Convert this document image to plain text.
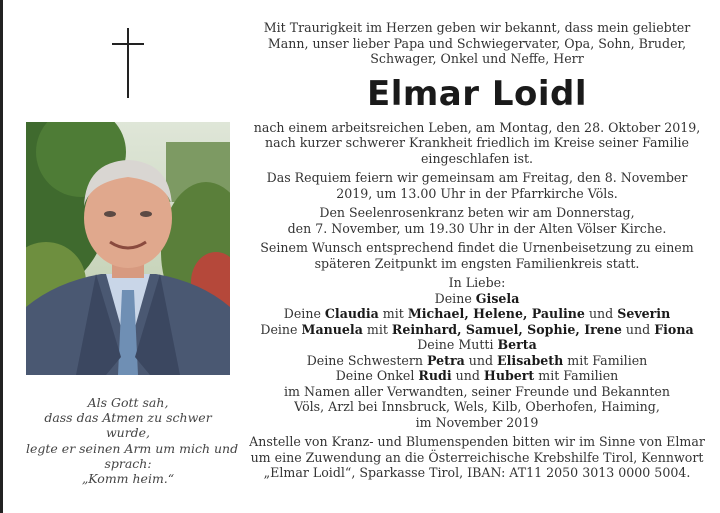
Als Gott sah,
dass das Atmen zu schwer
wurde,
legte er seinen Arm um mich und
sprach:
„Komm heim.“
Mit Traurigkeit im Herzen geben wir bekannt, dass mein geliebter
Mann, unser lieber Papa und Schwiegervater, Opa, Sohn, Bruder,
Schwager, Onkel und Neffe, Herr
Elmar Loidl
nach einem arbeitsreichen Leben, am Montag, den 28. Oktober 2019,
nach kurzer schwerer Krankheit friedlich im Kreise seiner Familie
eingeschlafen ist.
Das Requiem feiern wir gemeinsam am Freitag, den 8. November
2019, um 13.00 Uhr in der Pfarrkirche Völs.
Den Seelenrosenkranz beten wir am Donnerstag,
den 7. November, um 19.30 Uhr in der Alten Völser Kirche.
Seinem Wunsch entsprechend findet die Urnenbeisetzung zu einem
späteren Zeitpunkt im engsten Familienkreis statt.
In Liebe:
Deine Gisela
Deine Claudia mit Michael, Helene, Pauline und Severin
Deine Manuela mit Reinhard, Samuel, Sophie, Irene und Fiona
Deine Mutti Berta
Deine Schwestern Petra und Elisabeth mit Familien
Deine Onkel Rudi und Hubert mit Familien
im Namen aller Verwandten, seiner Freunde und Bekannten
Völs, Arzl bei Innsbruck, Wels, Kilb, Oberhofen, Haiming,
im November 2019
Anstelle von Kranz- und Blumenspenden bitten wir im Sinne von Elmar
um eine Zuwendung an die Österreichische Krebshilfe Tirol, Kennwort
„Elmar Loidl“, Sparkasse Tirol, IBAN: AT11 2050 3013 0000 5004.
